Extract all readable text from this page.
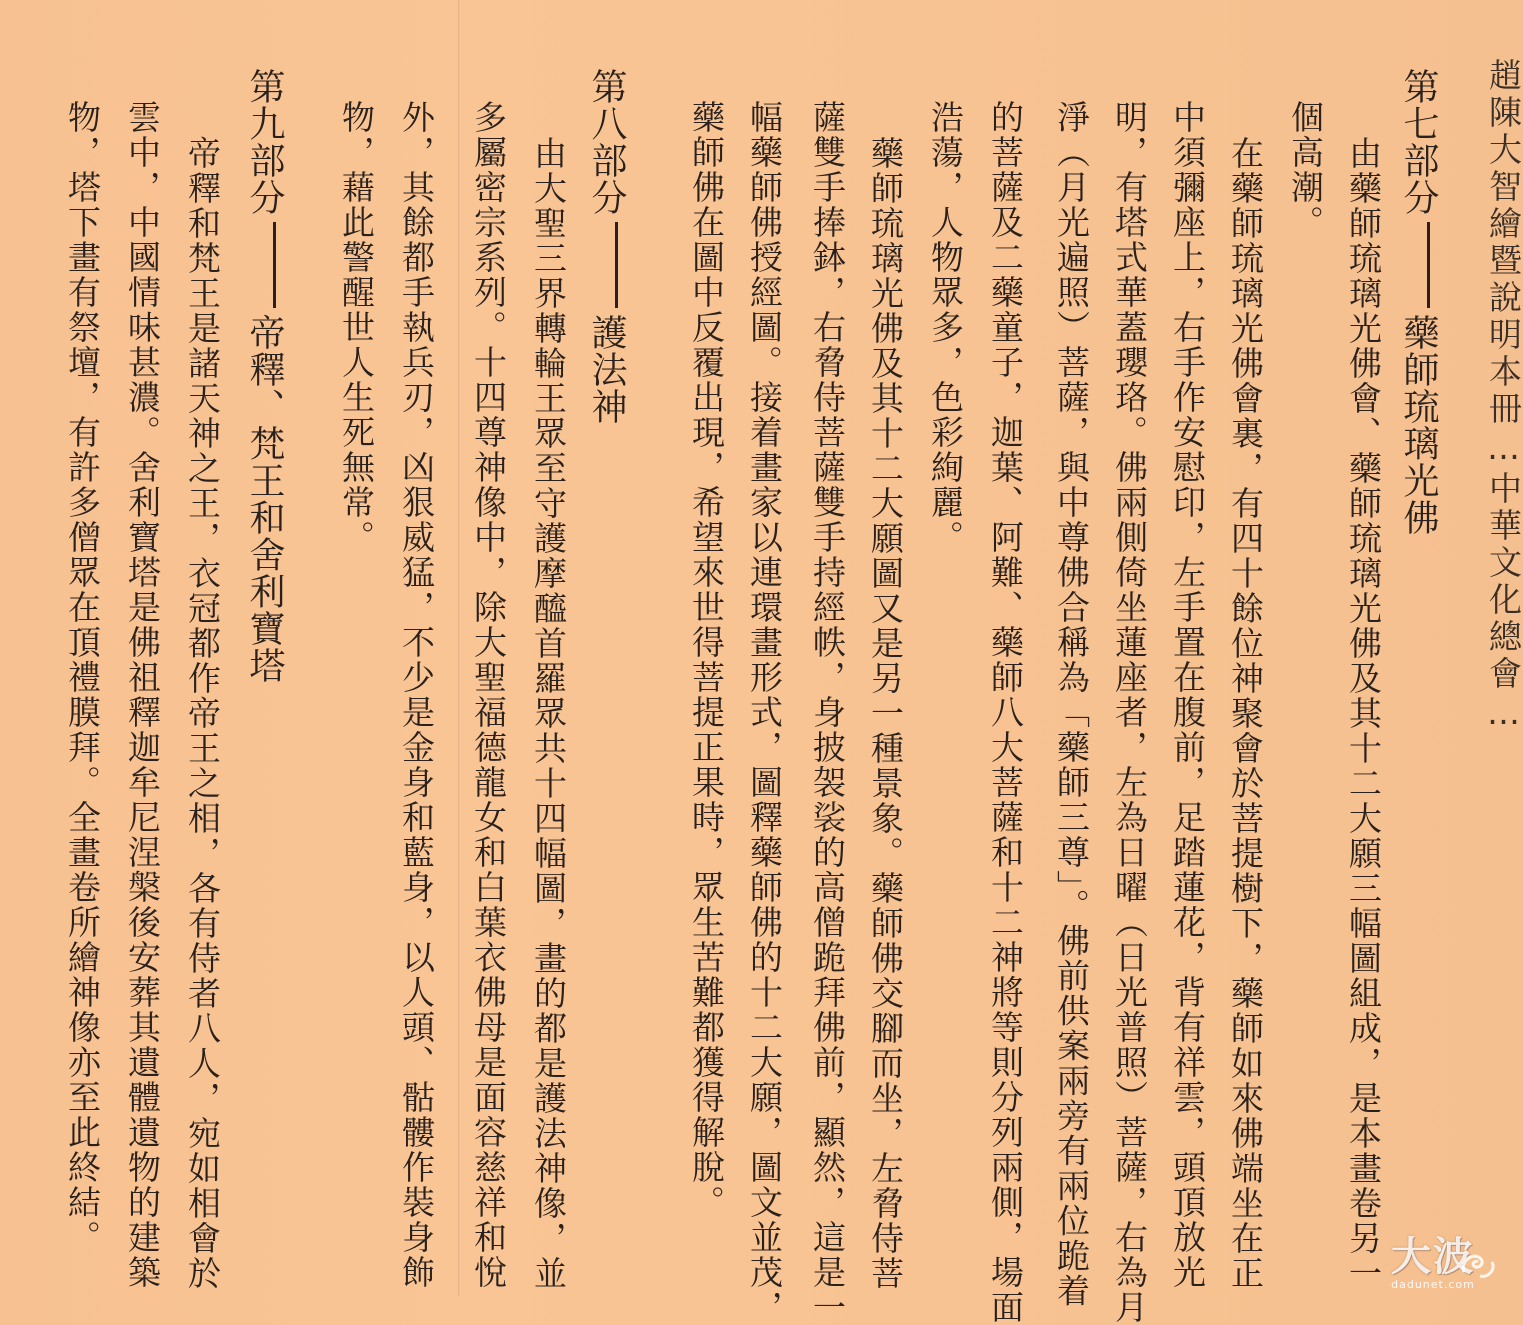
趙陳大智繪暨說明本冊…中華文化總會…
第七部分藥師琉璃光佛
由藥師琉璃光佛會、藥師琉璃光佛及其十二大願三幅圖組成，是本畫卷另一
個高潮。
在藥師琉璃光佛會裏，有四十餘位神聚會於菩提樹下，藥師如來佛端坐在正
中須彌座上，右手作安慰印，左手置在腹前，足踏蓮花，背有祥雲，頭頂放光
明，有塔式華蓋瓔珞。佛兩側倚坐蓮座者，左為日曜（日光普照）菩薩，右為月
淨（月光遍照）菩薩，與中尊佛合稱為「藥師三尊」。佛前供案兩旁有兩位跪着
的菩薩及二藥童子，迦葉、阿難、藥師八大菩薩和十二神將等則分列兩側，場面
浩蕩，人物眾多，色彩絢麗。
藥師琉璃光佛及其十二大願圖又是另一種景象。藥師佛交腳而坐，左脅侍菩
薩雙手捧鉢，右脅侍菩薩雙手持經帙，身披袈裟的高僧跪拜佛前，顯然，這是一
幅藥師佛授經圖。接着畫家以連環畫形式，圖釋藥師佛的十二大願，圖文並茂，
藥師佛在圖中反覆出現，希望來世得菩提正果時，眾生苦難都獲得解脫。
第八部分護法神
由大聖三界轉輪王眾至守護摩醯首羅眾共十四幅圖，畫的都是護法神像，並
多屬密宗系列。十四尊神像中，除大聖福德龍女和白葉衣佛母是面容慈祥和悅
外，其餘都手執兵刃，凶狠威猛，不少是金身和藍身，以人頭、骷髏作裝身飾
物，藉此警醒世人生死無常。
第九部分帝釋、梵王和舍利寶塔
帝釋和梵王是諸天神之王，衣冠都作帝王之相，各有侍者八人，宛如相會於
雲中，中國情味甚濃。舍利寶塔是佛祖釋迦牟尼涅槃後安葬其遺體遺物的建築
物，塔下畫有祭壇，有許多僧眾在頂禮膜拜。全畫卷所繪神像亦至此終結。
大波
dadunet.com
